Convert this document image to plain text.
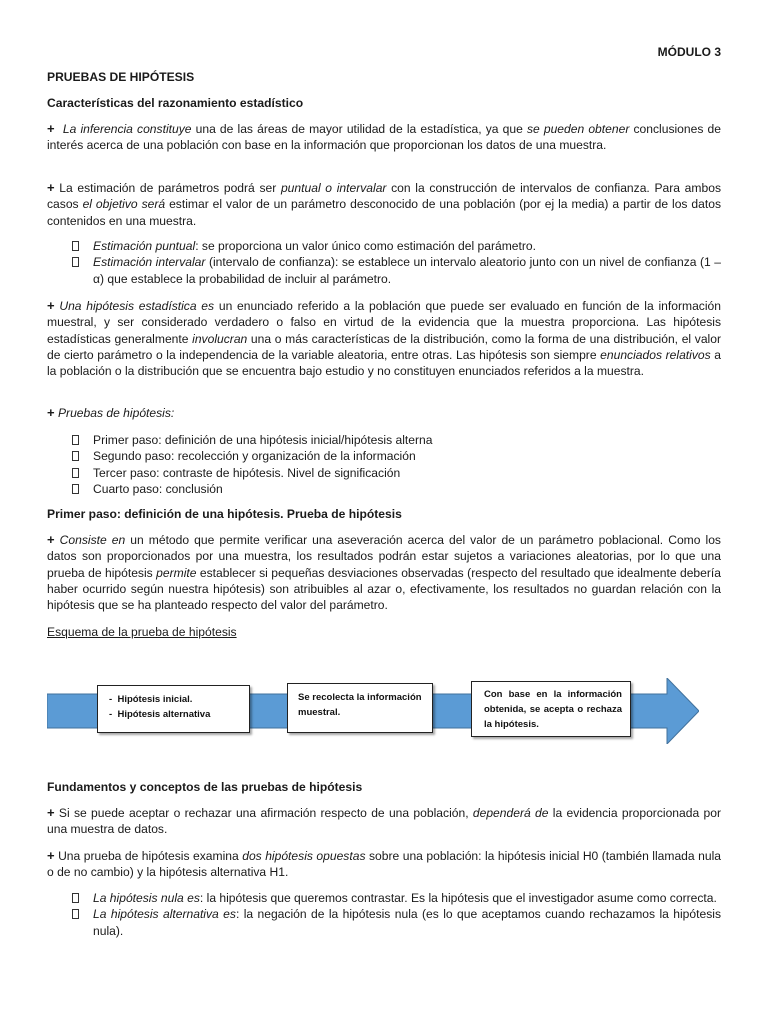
MÓDULO 3
PRUEBAS DE HIPÓTESIS
Características del razonamiento estadístico

+ La inferencia constituye una de las áreas de mayor utilidad de la estadística, ya que se pueden obtener conclusiones de interés acerca de una población con base en la información que proporcionan los datos de una muestra.

+ La estimación de parámetros podrá ser puntual o intervalar con la construcción de intervalos de confianza. Para ambos casos el objetivo será estimar el valor de un parámetro desconocido de una población (por ej la media) a partir de los datos contenidos en una muestra.

Estimación puntual: se proporciona un valor único como estimación del parámetro.
Estimación intervalar (intervalo de confianza): se establece un intervalo aleatorio junto con un nivel de confianza (1 – α) que establece la probabilidad de incluir al parámetro.

+ Una hipótesis estadística es un enunciado referido a la población que puede ser evaluado en función de la información muestral, y ser considerado verdadero o falso en virtud de la evidencia que la muestra proporciona. Las hipótesis estadísticas generalmente involucran una o más características de la distribución, como la forma de una distribución, el valor de cierto parámetro o la independencia de la variable aleatoria, entre otras. Las hipótesis son siempre enunciados relativos a la población o la distribución que se encuentra bajo estudio y no constituyen enunciados referidos a la muestra.

+ Pruebas de hipótesis:

Primer paso: definición de una hipótesis inicial/hipótesis alterna
Segundo paso: recolección y organización de la información
Tercer paso: contraste de hipótesis. Nivel de significación
Cuarto paso: conclusión
Primer paso: definición de una hipótesis. Prueba de hipótesis

+ Consiste en un método que permite verificar una aseveración acerca del valor de un parámetro poblacional. Como los datos son proporcionados por una muestra, los resultados podrán estar sujetos a variaciones aleatorias, por lo que una prueba de hipótesis permite establecer si pequeñas desviaciones observadas (respecto del resultado que idealmente debería haber ocurrido según nuestra hipótesis) son atribuibles al azar o, efectivamente, los resultados no guardan relación con la hipótesis que se ha planteado respecto del valor del parámetro.

Esquema de la prueba de hipótesis
-  Hipótesis inicial.
-  Hipótesis alternativa
Se recolecta la información muestral.
Con base en la información obtenida, se acepta o rechaza la hipótesis.
Fundamentos y conceptos de las pruebas de hipótesis

+ Si se puede aceptar o rechazar una afirmación respecto de una población, dependerá de la evidencia proporcionada por una muestra de datos.

+ Una prueba de hipótesis examina dos hipótesis opuestas sobre una población: la hipótesis inicial H0 (también llamada nula o de no cambio) y la hipótesis alternativa H1.

La hipótesis nula es: la hipótesis que queremos contrastar. Es la hipótesis que el investigador asume como correcta.
La hipótesis alternativa es: la negación de la hipótesis nula (es lo que aceptamos cuando rechazamos la hipótesis nula).
